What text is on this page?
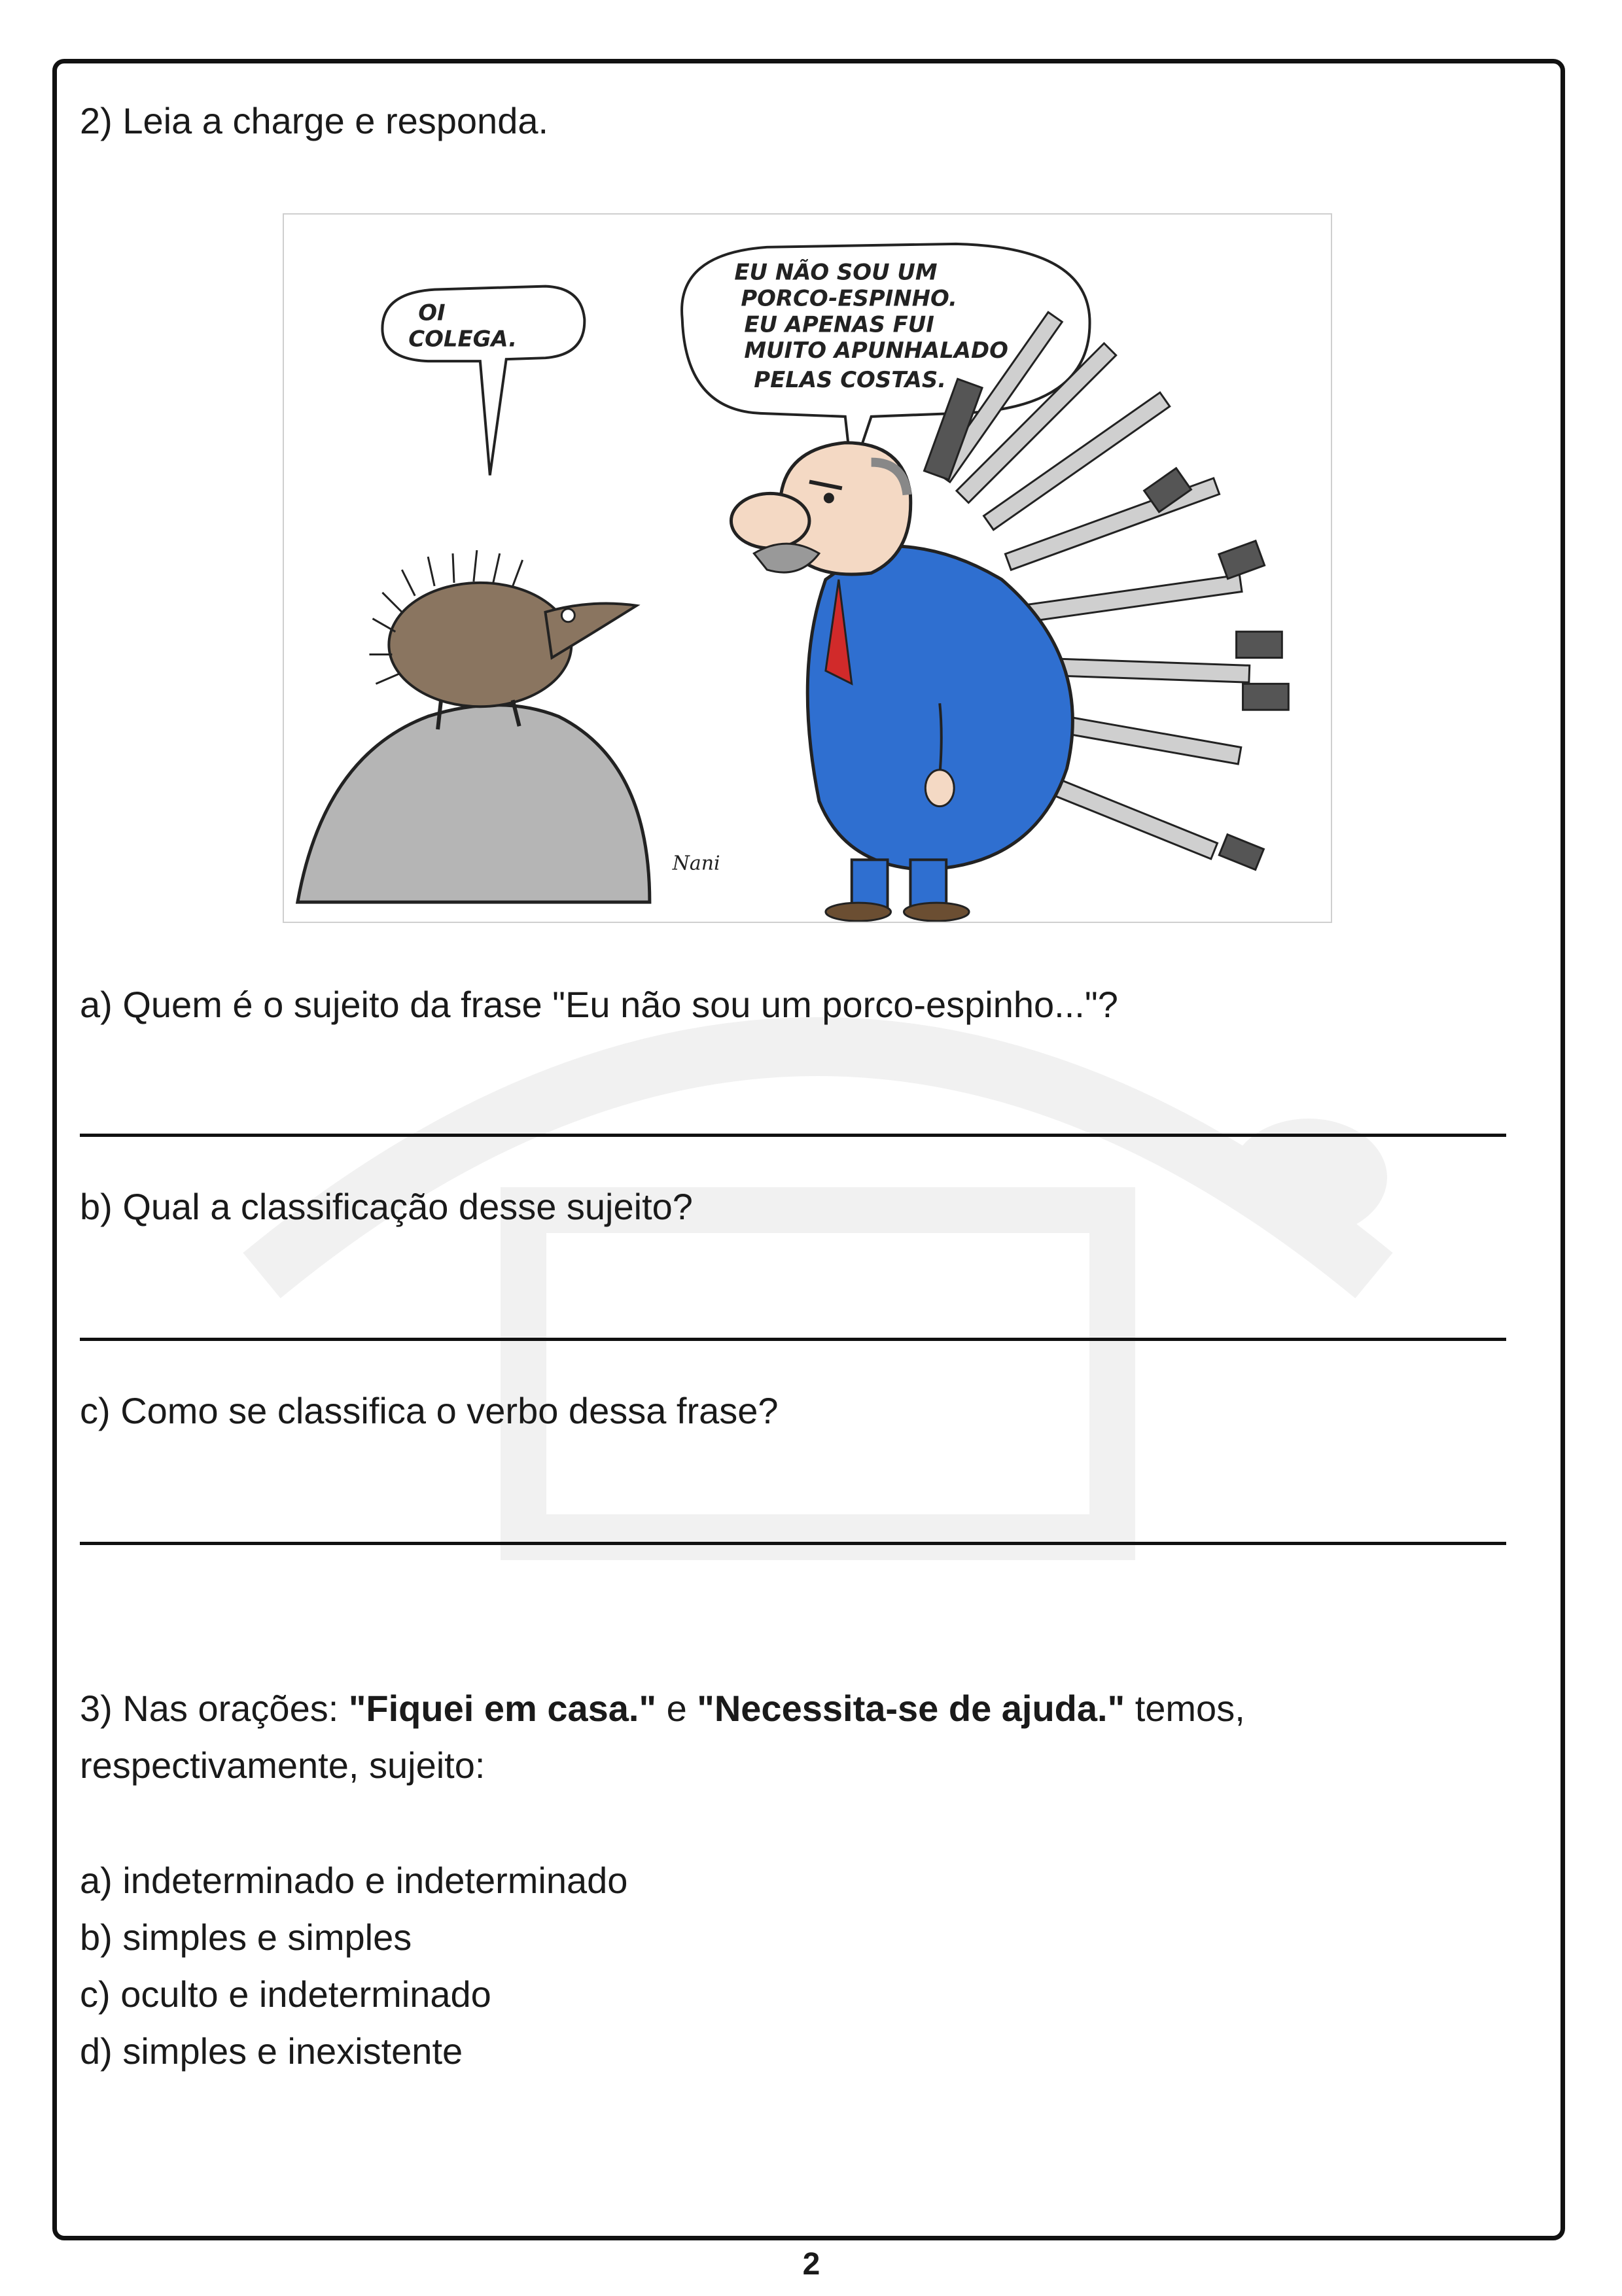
2) Leia a charge e responda.
OI
COLEGA.
EU NÃO SOU UM
PORCO-ESPINHO.
EU APENAS FUI
MUITO APUNHALADO
PELAS COSTAS.
Nani

a) Quem é o sujeito da frase "Eu não sou um porco-espinho..."?

b) Qual a classificação desse sujeito?

c) Como se classifica o verbo dessa frase?

3) Nas orações: "Fiquei em casa." e "Necessita-se de ajuda." temos, respectivamente, sujeito:

a) indeterminado e indeterminado
b) simples e simples
c) oculto e indeterminado
d) simples e inexistente
2
